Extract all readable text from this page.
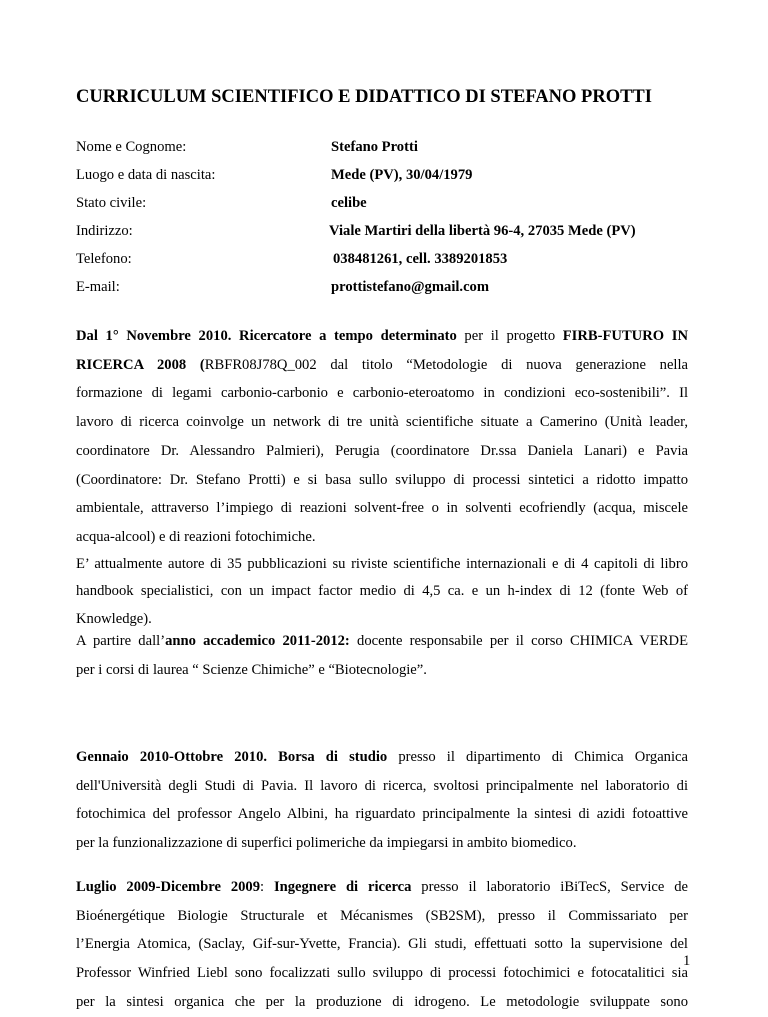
CURRICULUM SCIENTIFICO E DIDATTICO DI STEFANO PROTTI
Nome e Cognome:	Stefano Protti
Luogo e data di nascita:	Mede (PV), 30/04/1979
Stato civile:	celibe
Indirizzo:	Viale Martiri della libertà 96-4, 27035 Mede (PV)
Telefono:	038481261, cell. 3389201853
E-mail:	prottistefano@gmail.com
Dal 1° Novembre 2010. Ricercatore a tempo determinato per il progetto FIRB-FUTURO IN
RICERCA 2008 (RBFR08J78Q_002 dal titolo “Metodologie di nuova generazione nella
formazione di legami carbonio-carbonio e carbonio-eteroatomo in condizioni eco-sostenibili”. Il
lavoro di ricerca coinvolge un network di tre unità scientifiche situate a Camerino (Unità leader,
coordinatore Dr. Alessandro Palmieri), Perugia (coordinatore Dr.ssa Daniela Lanari) e Pavia
(Coordinatore: Dr. Stefano Protti) e si basa sullo sviluppo di processi sintetici a ridotto impatto
ambientale, attraverso l’impiego di reazioni solvent-free o in solventi ecofriendly (acqua, miscele
acqua-alcool) e di reazioni fotochimiche.
E’ attualmente autore di 35 pubblicazioni su riviste scientifiche internazionali e di 4 capitoli di libro
handbook specialistici, con un impact factor medio di 4,5 ca. e un h-index di 12 (fonte Web of
Knowledge).
A partire dall’anno accademico 2011-2012: docente responsabile per il corso CHIMICA VERDE
per i corsi di laurea “ Scienze Chimiche” e “Biotecnologie”.
Gennaio 2010-Ottobre 2010. Borsa di studio presso il dipartimento di Chimica Organica
dell'Università degli Studi di Pavia. Il lavoro di ricerca, svoltosi principalmente nel laboratorio di
fotochimica del professor Angelo Albini, ha riguardato principalmente la sintesi di azidi fotoattive
per la funzionalizzazione di superfici polimeriche da impiegarsi in ambito biomedico.
Luglio 2009-Dicembre 2009: Ingegnere di ricerca presso il laboratorio iBiTecS, Service de
Bioénergétique Biologie Structurale et Mécanismes (SB2SM), presso il Commissariato per
l’Energia Atomica, (Saclay, Gif-sur-Yvette, Francia). Gli studi, effettuati sotto la supervisione del
Professor Winfried Liebl sono focalizzati sullo sviluppo di processi fotochimici e fotocatalitici sia
per la sintesi organica che per la produzione di idrogeno. Le metodologie sviluppate sono
1
